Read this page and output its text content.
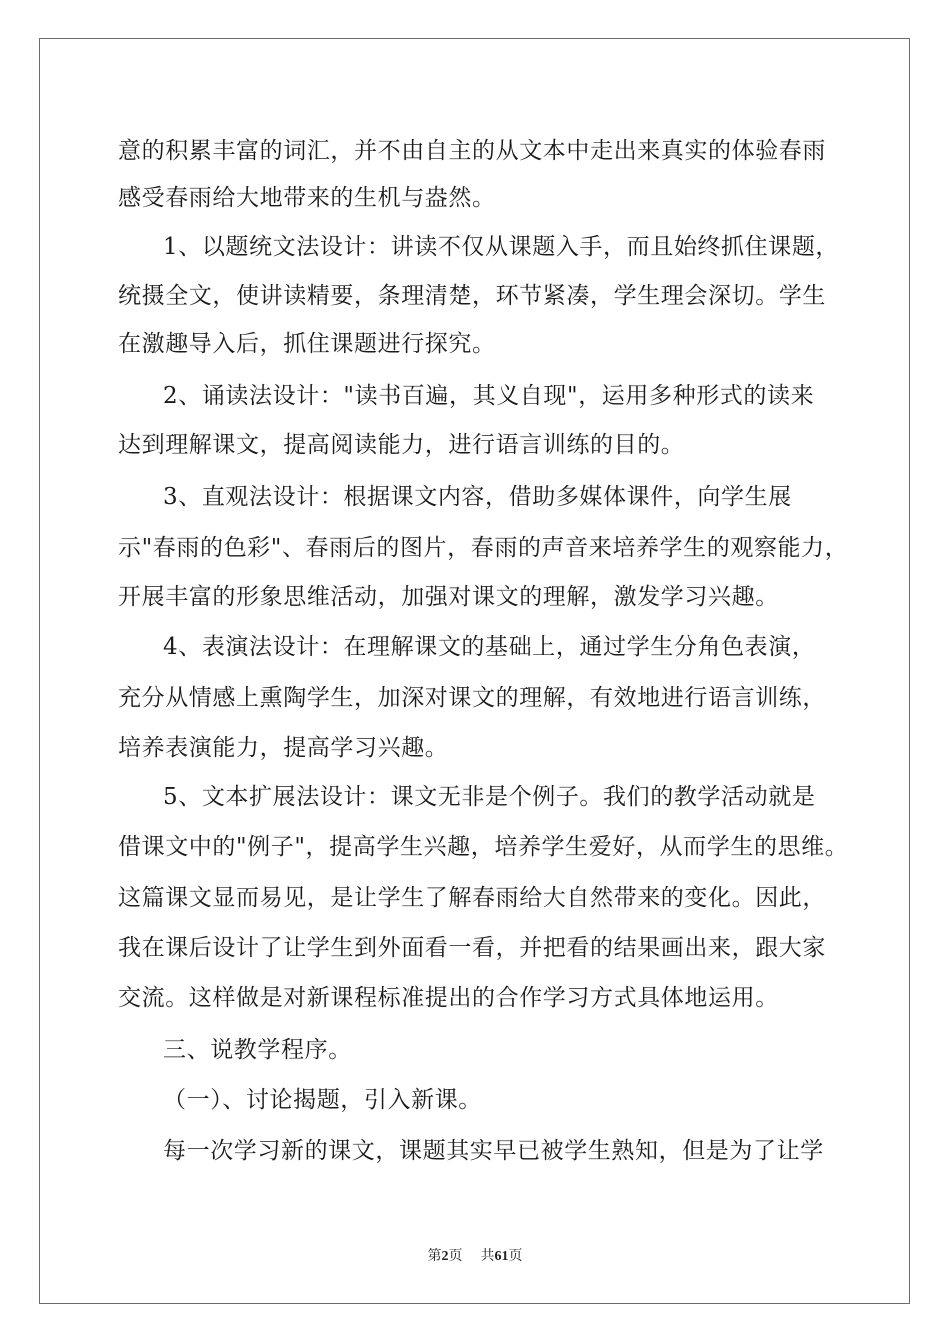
意的积累丰富的词汇，并不由自主的从文本中走出来真实的体验春雨
感受春雨给大地带来的生机与盎然。
1、以题统文法设计：讲读不仅从课题入手，而且始终抓住课题，
统摄全文，使讲读精要，条理清楚，环节紧凑，学生理会深切。学生
在激趣导入后，抓住课题进行探究。
2、诵读法设计："读书百遍，其义自现"，运用多种形式的读来
达到理解课文，提高阅读能力，进行语言训练的目的。
3、直观法设计：根据课文内容，借助多媒体课件，向学生展
示"春雨的色彩"、春雨后的图片，春雨的声音来培养学生的观察能力，
开展丰富的形象思维活动，加强对课文的理解，激发学习兴趣。
4、表演法设计：在理解课文的基础上，通过学生分角色表演，
充分从情感上熏陶学生，加深对课文的理解，有效地进行语言训练，
培养表演能力，提高学习兴趣。
5、文本扩展法设计：课文无非是个例子。我们的教学活动就是
借课文中的"例子"，提高学生兴趣，培养学生爱好，从而学生的思维。
这篇课文显而易见，是让学生了解春雨给大自然带来的变化。因此，
我在课后设计了让学生到外面看一看，并把看的结果画出来，跟大家
交流。这样做是对新课程标准提出的合作学习方式具体地运用。
三、说教学程序。
（一）、讨论揭题，引入新课。
每一次学习新的课文，课题其实早已被学生熟知，但是为了让学
第2页 共61页
